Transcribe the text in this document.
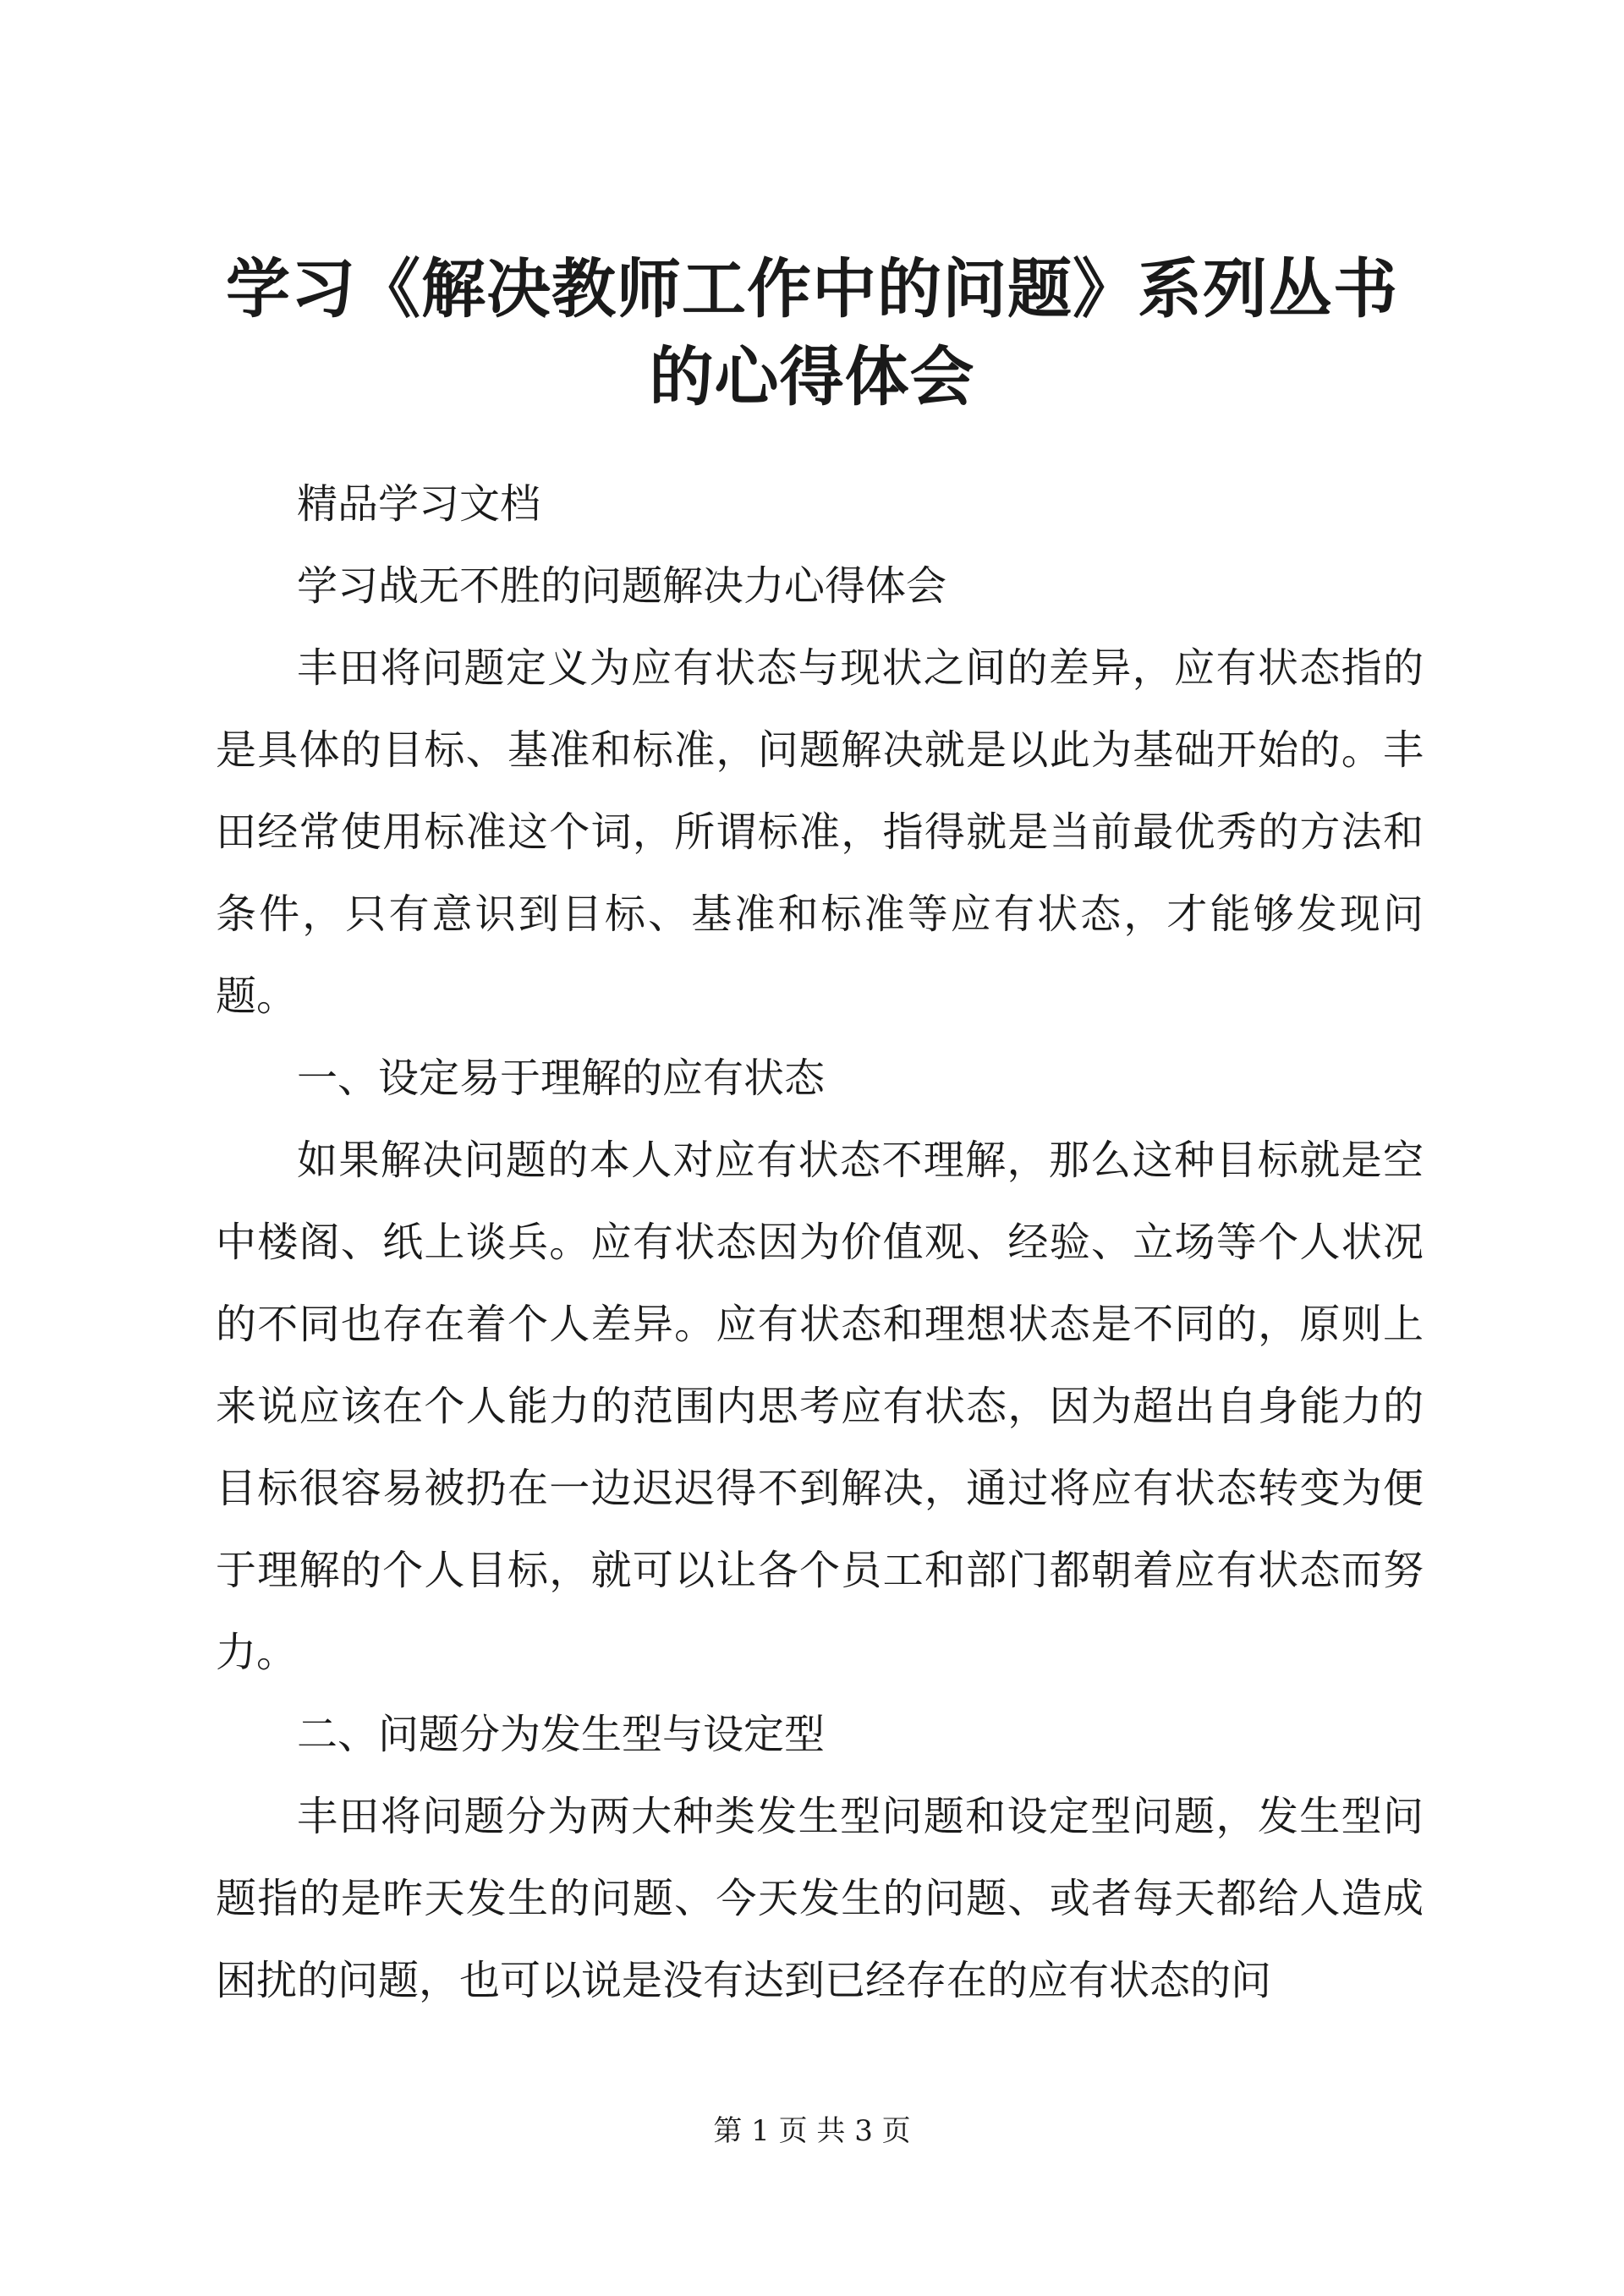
学习《解决教师工作中的问题》系列丛书的心得体会

精品学习文档

学习战无不胜的问题解决力心得体会

丰田将问题定义为应有状态与现状之间的差异，应有状态指的是具体的目标、基准和标准，问题解决就是以此为基础开始的。丰田经常使用标准这个词，所谓标准，指得就是当前最优秀的方法和条件，只有意识到目标、基准和标准等应有状态，才能够发现问题。

一、设定易于理解的应有状态

如果解决问题的本人对应有状态不理解，那么这种目标就是空中楼阁、纸上谈兵。应有状态因为价值观、经验、立场等个人状况的不同也存在着个人差异。应有状态和理想状态是不同的，原则上来说应该在个人能力的范围内思考应有状态，因为超出自身能力的目标很容易被扔在一边迟迟得不到解决，通过将应有状态转变为便于理解的个人目标，就可以让各个员工和部门都朝着应有状态而努力。

二、问题分为发生型与设定型

丰田将问题分为两大种类发生型问题和设定型问题，发生型问题指的是昨天发生的问题、今天发生的问题、或者每天都给人造成困扰的问题，也可以说是没有达到已经存在的应有状态的问

第 1 页 共 3 页
